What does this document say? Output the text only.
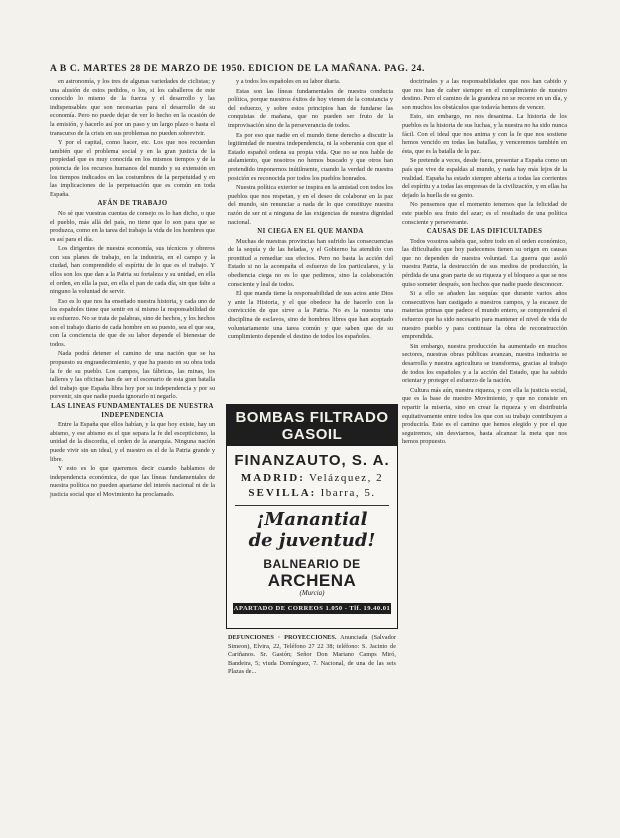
A B C. MARTES 28 DE MARZO DE 1950. EDICION DE LA MAÑANA. PAG. 24.

en astronomía, y los tres de algunas variedades de ciclistas; y una alusión de estos pedidos, o los, si los caballeros de este conocido lo mismo de la fuerza y el desarrollo y las indispensables que son necesarias para el desarrollo de su economía. Pero no puede dejar de ver lo hecho en la ocasión de la emisión, y hacerlo así por un paso y un largo plazo o hasta el transcurso de la crisis en sus problemas no pueden sobrevivir.

Y por el capital, como hacer, etc. Los que nos recuerdan también que el problema social y en la gran justicia de la propiedad que es muy conocida en los mismos tiempos y de la potencia de los recursos humanos del mundo y su extensión en los tiempos indicados en las costumbres de la perpetuidad y en las implicaciones de la perpetuación que es común en toda España.

AFÁN DE TRABAJO

No sé que vuestras cuentas de consejo os lo han dicho, o que el pueblo, más allá del país, no tiene que lo son para que se produzca, como en la tarea del trabajo la vida de los hombres que es así para el día.

Los dirigentes de nuestra economía, sus técnicos y obreros con sus planes de trabajo, en la industria, en el campo y la ciudad, han comprendido el espíritu de lo que es el trabajo. Y ellos son los que dan a la Patria su fortaleza y su unidad, en ella el orden, en ella la paz, en ella el pan de cada día, sin que falte a ninguno la voluntad de servir.

Eso es lo que nos ha enseñado nuestra historia, y cada uno de los españoles tiene que sentir en sí mismo la responsabilidad de su esfuerzo. No se trata de palabras, sino de hechos, y los hechos son el trabajo diario de cada hombre en su puesto, sea el que sea, con la conciencia de que de su labor depende el bienestar de todos.

Nada podrá detener el camino de una nación que se ha propuesto su engrandecimiento, y que ha puesto en su obra toda la fe de su pueblo. Los campos, las fábricas, las minas, los talleres y las oficinas han de ser el escenario de esta gran batalla del trabajo que España libra hoy por su independencia y por su porvenir, sin que nadie pueda ignorarlo ni negarlo.

LAS LINEAS FUNDAMENTALES DE NUESTRA INDEPENDENCIA

Entre la España que ellos habían, y la que hoy existe, hay un abismo, y ese abismo es el que separa la fe del escepticismo, la unidad de la discordia, el orden de la anarquía. Ninguna nación puede vivir sin un ideal, y el nuestro es el de la Patria grande y libre.

Y esto es lo que queremos decir cuando hablamos de independencia económica, de que las líneas fundamentales de nuestra política no pueden apartarse del interés nacional ni de la justicia social que el Movimiento ha proclamado.

y a todos los españoles en su labor diaria.

Estas son las líneas fundamentales de nuestra conducta política, porque nuestros éxitos de hoy vienen de la constancia y del esfuerzo, y sobre estos principios han de fundarse las conquistas de mañana, que no pueden ser fruto de la improvisación sino de la perseverancia de todos.

Es por eso que nadie en el mundo tiene derecho a discutir la legitimidad de nuestra independencia, ni la soberanía con que el Estado español ordena su propia vida. Que no se nos hable de aislamiento, que nosotros no hemos buscado y que otros han pretendido imponernos inútilmente, cuando la verdad de nuestra posición es reconocida por todos los pueblos honrados.

Nuestra política exterior se inspira en la amistad con todos los pueblos que nos respetan, y en el deseo de colaborar en la paz del mundo, sin renunciar a nada de lo que constituye nuestra razón de ser ni a ninguna de las exigencias de nuestra dignidad nacional.

NI CIEGA EN EL QUE MANDA

Muchas de nuestras provincias han sufrido las consecuencias de la sequía y de las heladas, y el Gobierno ha atendido con prontitud a remediar sus efectos. Pero no basta la acción del Estado si no la acompaña el esfuerzo de los particulares, y la obediencia ciega no es lo que pedimos, sino la colaboración consciente y leal de todos.

El que manda tiene la responsabilidad de sus actos ante Dios y ante la Historia, y el que obedece ha de hacerlo con la convicción de que sirve a la Patria. No es la nuestra una disciplina de esclavos, sino de hombres libres que han aceptado voluntariamente una tarea común y que saben que de su cumplimiento depende el destino de todos los españoles.

BOMBAS FILTRADO GASOIL
FINANZAUTO, S. A.
MADRID: Velázquez, 2
SEVILLA: Ibarra, 5.
¡Manantial
de juventud!
BALNEARIO DE ARCHENA
(Murcia)
APARTADO DE CORREOS 1.050 - Tlf. 19.40.01

DEFUNCIONES · PROYECCIONES. Anunciada (Salvador Simeon), Elvira, 22, Teléfono 27 22 38; teléfono: S. Jacinto de Cariñanos. Sr. Gastón; Señor Don Mariano Camps Miró, Bandeira, 5; viuda Domínguez, 7. Nacional, de una de las seis Plazas de...

doctrinales y a las responsabilidades que nos han cabido y que nos han de caber siempre en el cumplimiento de nuestro destino. Pero el camino de la grandeza no se recorre en un día, y son muchos los obstáculos que todavía hemos de vencer.

Esto, sin embargo, no nos desanima. La historia de los pueblos es la historia de sus luchas, y la nuestra no ha sido nunca fácil. Con el ideal que nos anima y con la fe que nos sostiene hemos vencido en todas las batallas, y venceremos también en ésta, que es la batalla de la paz.

Se pretende a veces, desde fuera, presentar a España como un país que vive de espaldas al mundo, y nada hay más lejos de la realidad. España ha estado siempre abierta a todas las corrientes del espíritu y a todas las empresas de la civilización, y en ellas ha dejado la huella de su genio.

No pensemos que el momento tenemos que la felicidad de este pueblo sea fruto del azar; es el resultado de una política consciente y perseverante.

CAUSAS DE LAS DIFICULTADES

Todos vosotros sabéis que, sobre todo en el orden económico, las dificultades que hoy padecemos tienen su origen en causas que no dependen de nuestra voluntad. La guerra que asoló nuestra Patria, la destrucción de sus medios de producción, la pérdida de una gran parte de su riqueza y el bloqueo a que se nos quiso someter después, son hechos que nadie puede desconocer.

Si a ello se añaden las sequías que durante varios años consecutivos han castigado a nuestros campos, y la escasez de materias primas que padece el mundo entero, se comprenderá el esfuerzo que ha sido necesario para mantener el nivel de vida de nuestro pueblo y para continuar la obra de reconstrucción emprendida.

Sin embargo, nuestra producción ha aumentado en muchos sectores, nuestras obras públicas avanzan, nuestra industria se desarrolla y nuestra agricultura se transforma, gracias al trabajo de todos los españoles y a la acción del Estado, que ha sabido orientar y proteger el esfuerzo de la nación.

Cultura más aún, nuestra riqueza, y con ella la justicia social, que es la base de nuestro Movimiento, y que no consiste en repartir la miseria, sino en crear la riqueza y en distribuirla equitativamente entre todos los que con su trabajo contribuyen a producirla. Este es el camino que hemos elegido y por el que seguiremos, sin desviarnos, hasta alcanzar la meta que nos hemos propuesto.
